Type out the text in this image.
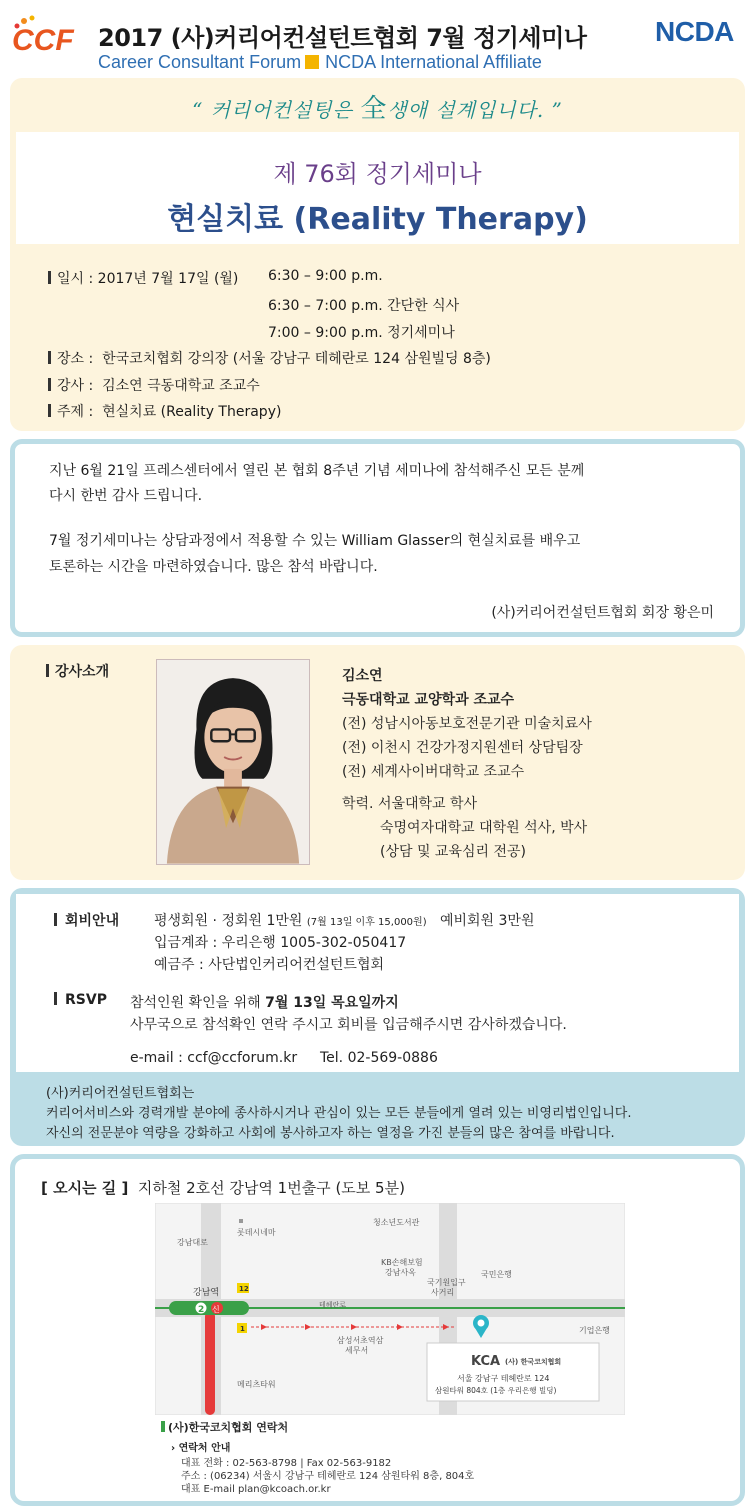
CCF 2017 (사)커리어컨설턴트협회 7월 정기세미나 NCDA
Career Consultant Forum NCDA International Affiliate
“ 커리어컨설팅은 全생애 설계입니다. ”
제 76회 정기세미나
현실치료 (Reality Therapy)
일시 : 2017년 7월 17일 (월) 6:30 – 9:00 p.m.
6:30 – 7:00 p.m. 간단한 식사
7:00 – 9:00 p.m. 정기세미나
장소 : 한국코치협회 강의장 (서울 강남구 테헤란로 124 삼원빌딩 8층)
강사 : 김소연 극동대학교 조교수
주제 : 현실치료 (Reality Therapy)

지난 6월 21일 프레스센터에서 열린 본 협회 8주년 기념 세미나에 참석해주신 모든 분께

다시 한번 감사 드립니다.

7월 정기세미나는 상담과정에서 적용할 수 있는 William Glasser의 현실치료를 배우고

토론하는 시간을 마련하였습니다. 많은 참석 바랍니다.

(사)커리어컨설턴트협회 회장 황은미
강사소개	김소연
극동대학교 교양학과 조교수
(전) 성남시아동보호전문기관 미술치료사
(전) 이천시 건강가정지원센터 상담팀장
(전) 세계사이버대학교 조교수
학력. 서울대학교 학사
숙명여자대학교 대학원 석사, 박사
(상담 및 교육심리 전공)
회비안내 평생회원 · 정회원 1만원 (7월 13일 이후 15,000원) 예비회원 3만원
입금계좌 : 우리은행 1005-302-050417
예금주 : 사단법인커리어컨설턴트협회
RSVP 참석인원 확인을 위해 7월 13일 목요일까지
사무국으로 참석확인 연락 주시고 회비를 입금해주시면 감사하겠습니다.
e-mail : ccf@ccforum.kr Tel. 02-569-0886
(사)커리어컨설턴트협회는
커리어서비스와 경력개발 분야에 종사하시거나 관심이 있는 모든 분들에게 열려 있는 비영리법인입니다.
자신의 전문분야 역량을 강화하고 사회에 봉사하고자 하는 열정을 가진 분들의 많은 참여를 바랍니다.
[ 오시는 길 ] 지하철 2호선 강남역 1번출구 (도보 5분)
2 신
강남대로
롯데시네마
청소년도서관
KB손해보험
강남사옥	국민은행
강남역	12
1
테헤란로
국기원입구
사거리
삼성서초역삼
세무서
기업은행
메리츠타워
KCA (사) 한국코치협회
서울 강남구 테헤란로 124
삼원타워 804호 (1층 우리은행 빌딩)
(사)한국코치협회 연락처
› 연락처 안내
대표 전화 : 02-563-8798 | Fax 02-563-9182
주소 : (06234) 서울시 강남구 테헤란로 124 삼원타워 8층, 804호
대표 E-mail plan@kcoach.or.kr
